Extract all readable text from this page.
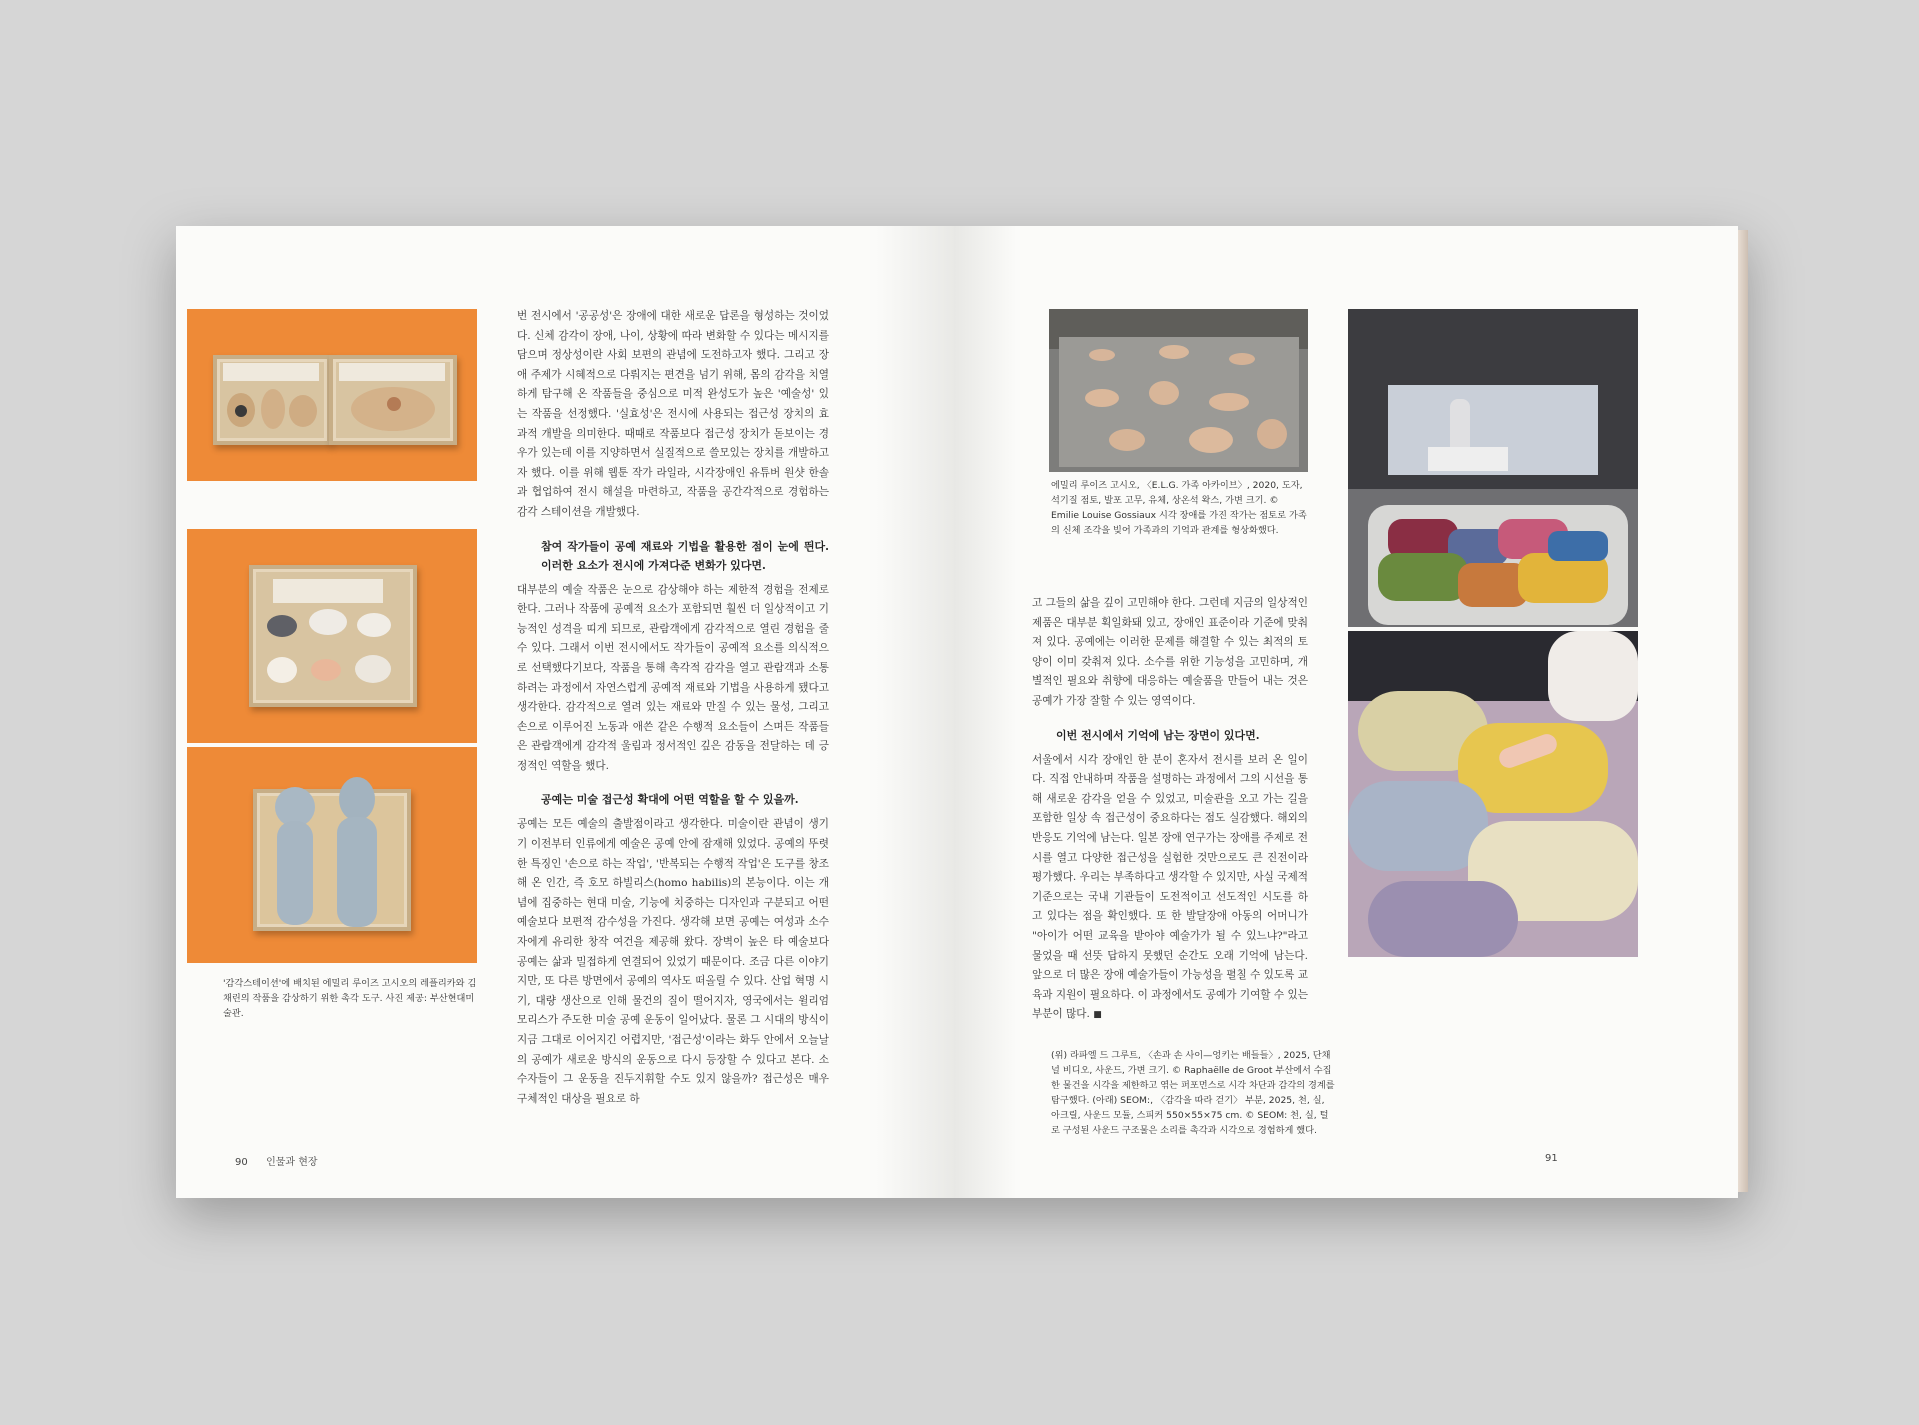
'감각스테이션'에 배치된 에밀리 루이즈 고시오의 레플리카와 김채린의 작품을 감상하기 위한 촉각 도구. 사진 제공: 부산현대미술관.

번 전시에서 '공공성'은 장애에 대한 새로운 답론을 형성하는 것이었다. 신체 감각이 장애, 나이, 상황에 따라 변화할 수 있다는 메시지를 담으며 정상성이란 사회 보편의 관념에 도전하고자 했다. 그리고 장애 주제가 시혜적으로 다뤄지는 편견을 넘기 위해, 몸의 감각을 치열하게 탐구해 온 작품들을 중심으로 미적 완성도가 높은 '예술성' 있는 작품을 선정했다. '실효성'은 전시에 사용되는 접근성 장치의 효과적 개발을 의미한다. 때때로 작품보다 접근성 장치가 돋보이는 경우가 있는데 이를 지양하면서 실질적으로 쓸모있는 장치를 개발하고자 했다. 이를 위해 웹툰 작가 라일라, 시각장애인 유튜버 원샷 한솔과 협업하여 전시 해설을 마련하고, 작품을 공간각적으로 경험하는 감각 스테이션을 개발했다.

참여 작가들이 공예 재료와 기법을 활용한 점이 눈에 띈다. 이러한 요소가 전시에 가져다준 변화가 있다면.

대부분의 예술 작품은 눈으로 감상해야 하는 제한적 경험을 전제로 한다. 그러나 작품에 공예적 요소가 포함되면 훨씬 더 일상적이고 기능적인 성격을 띠게 되므로, 관람객에게 감각적으로 열린 경험을 줄 수 있다. 그래서 이번 전시에서도 작가들이 공예적 요소를 의식적으로 선택했다기보다, 작품을 통해 촉각적 감각을 열고 관람객과 소통하려는 과정에서 자연스럽게 공예적 재료와 기법을 사용하게 됐다고 생각한다. 감각적으로 열려 있는 재료와 만질 수 있는 물성, 그리고 손으로 이루어진 노동과 애쓴 같은 수행적 요소들이 스며든 작품들은 관람객에게 감각적 울림과 정서적인 깊은 감동을 전달하는 데 긍정적인 역할을 했다.

공예는 미술 접근성 확대에 어떤 역할을 할 수 있을까.

공예는 모든 예술의 출발점이라고 생각한다. 미술이란 관념이 생기기 이전부터 인류에게 예술은 공예 안에 잠재해 있었다. 공예의 뚜렷한 특징인 '손으로 하는 작업', '반복되는 수행적 작업'은 도구를 창조해 온 인간, 즉 호모 하빌리스(homo habilis)의 본능이다. 이는 개념에 집중하는 현대 미술, 기능에 치중하는 디자인과 구분되고 어떤 예술보다 보편적 감수성을 가진다. 생각해 보면 공예는 여성과 소수자에게 유리한 창작 여건을 제공해 왔다. 장벽이 높은 타 예술보다 공예는 삶과 밀접하게 연결되어 있었기 때문이다. 조금 다른 이야기지만, 또 다른 방면에서 공예의 역사도 떠올릴 수 있다. 산업 혁명 시기, 대량 생산으로 인해 물건의 질이 떨어지자, 영국에서는 윌리엄 모리스가 주도한 미술 공예 운동이 일어났다. 물론 그 시대의 방식이 지금 그대로 이어지긴 어렵지만, '접근성'이라는 화두 안에서 오늘날의 공예가 새로운 방식의 운동으로 다시 등장할 수 있다고 본다. 소수자들이 그 운동을 진두지휘할 수도 있지 않을까? 접근성은 매우 구체적인 대상을 필요로 하

90 인물과 현장
에밀리 루이즈 고시오, 〈E.L.G. 가족 아카이브〉, 2020, 도자, 석기질 점토, 발포 고무, 유체, 상온석 왁스, 가변 크기. © Emilie Louise Gossiaux 시각 장애를 가진 작가는 점토로 가족의 신체 조각을 빚어 가족과의 기억과 관계를 형상화했다.

고 그들의 삶을 깊이 고민해야 한다. 그런데 지금의 일상적인 제품은 대부분 획일화돼 있고, 장애인 표준이라 기준에 맞춰져 있다. 공예에는 이러한 문제를 해결할 수 있는 최적의 토양이 이미 갖춰져 있다. 소수를 위한 기능성을 고민하며, 개별적인 필요와 취향에 대응하는 예술품을 만들어 내는 것은 공예가 가장 잘할 수 있는 영역이다.

이번 전시에서 기억에 남는 장면이 있다면.

서울에서 시각 장애인 한 분이 혼자서 전시를 보러 온 일이다. 직접 안내하며 작품을 설명하는 과정에서 그의 시선을 통해 새로운 감각을 얻을 수 있었고, 미술관을 오고 가는 길을 포함한 일상 속 접근성이 중요하다는 점도 실감했다. 해외의 반응도 기억에 남는다. 일본 장애 연구가는 장애를 주제로 전시를 열고 다양한 접근성을 실험한 것만으로도 큰 진전이라 평가했다. 우리는 부족하다고 생각할 수 있지만, 사실 국제적 기준으로는 국내 기관들이 도전적이고 선도적인 시도를 하고 있다는 점을 확인했다. 또 한 발달장애 아동의 어머니가 "아이가 어떤 교육을 받아야 예술가가 될 수 있느냐?"라고 물었을 때 선뜻 답하지 못했던 순간도 오래 기억에 남는다. 앞으로 더 많은 장애 예술가들이 가능성을 펼칠 수 있도록 교육과 지원이 필요하다. 이 과정에서도 공예가 기여할 수 있는 부분이 많다. ■

(위) 라파엘 드 그루트, 〈손과 손 사이—엉키는 배들들〉, 2025, 단채널 비디오, 사운드, 가변 크기. © Raphaëlle de Groot 부산에서 수집한 물건을 시각을 제한하고 엮는 퍼포먼스로 시각 차단과 감각의 경계를 탐구했다. (아래) SEOM:, 〈감각을 따라 걷기〉 부분, 2025, 천, 실, 아크릴, 사운드 모듈, 스피커 550×55×75 cm. © SEOM: 천, 실, 털로 구성된 사운드 구조물은 소리를 촉각과 시각으로 경험하게 했다.
91
